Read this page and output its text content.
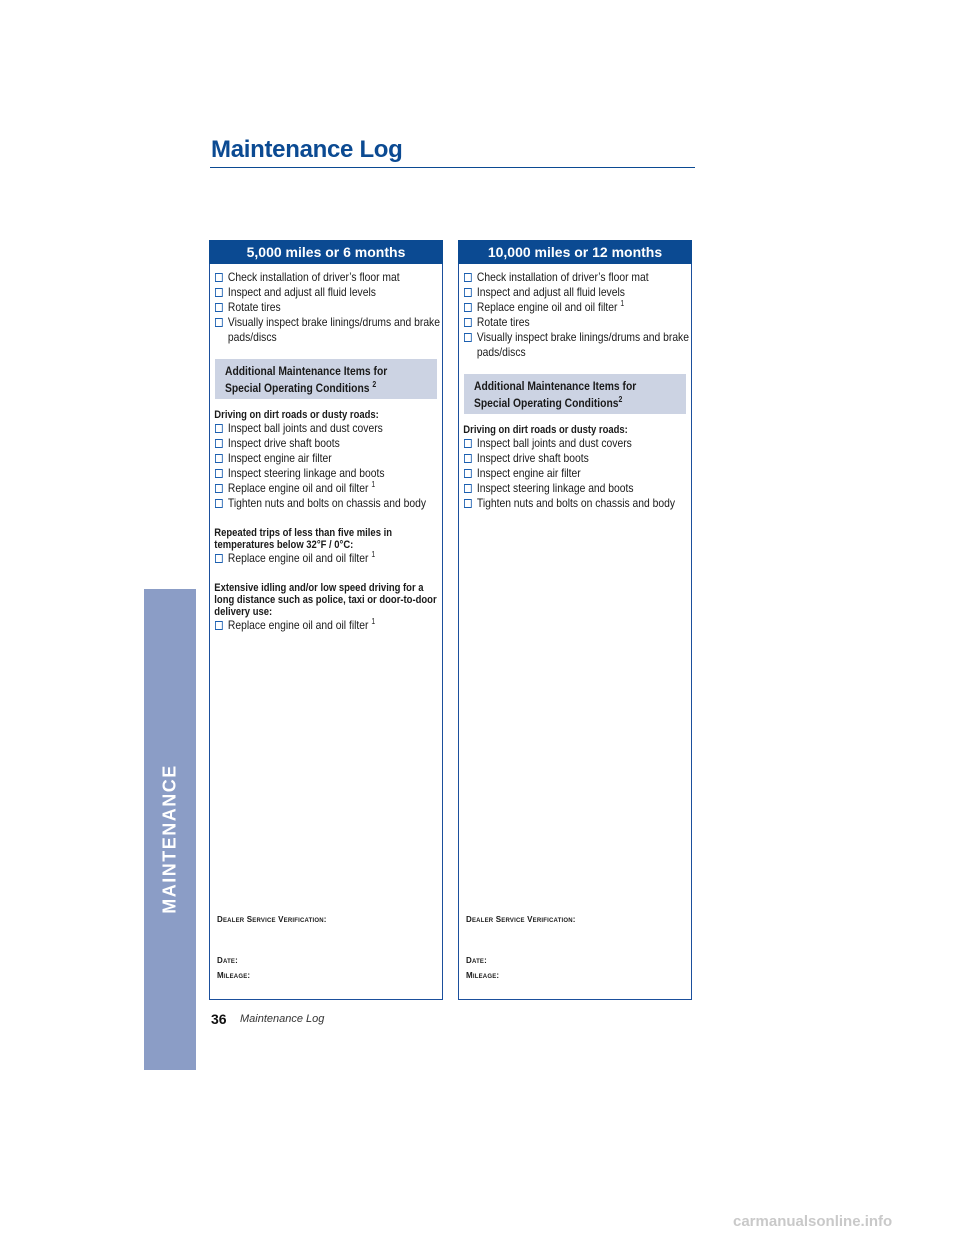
MAINTENANCE
Maintenance Log
5,000 miles or 6 months
Check installation of driver’s floor mat
Inspect and adjust all fluid levels
Rotate tires
Visually inspect brake linings/drums and brake pads/discs
Additional Maintenance Items for
Special Operating Conditions $^2$
Driving on dirt roads or dusty roads:
Inspect ball joints and dust covers
Inspect drive shaft boots
Inspect engine air filter
Inspect steering linkage and boots
Replace engine oil and oil filter $^1$
Tighten nuts and bolts on chassis and body
Repeated trips of less than five miles in temperatures below 32°F / 0°C:
Replace engine oil and oil filter $^1$
Extensive idling and/or low speed driving for a long distance such as police, taxi or door-to-door delivery use:
Replace engine oil and oil filter $^1$
Dealer Service Verification:
Date:
Mileage:
10,000 miles or 12 months
Check installation of driver’s floor mat
Inspect and adjust all fluid levels
Replace engine oil and oil filter $^1$
Rotate tires
Visually inspect brake linings/drums and brake pads/discs
Additional Maintenance Items for
Special Operating Conditions$^2$
Driving on dirt roads or dusty roads:
Inspect ball joints and dust covers
Inspect drive shaft boots
Inspect engine air filter
Inspect steering linkage and boots
Tighten nuts and bolts on chassis and body
Dealer Service Verification:
Date:
Mileage:
36 Maintenance Log
carmanualsonline.info
